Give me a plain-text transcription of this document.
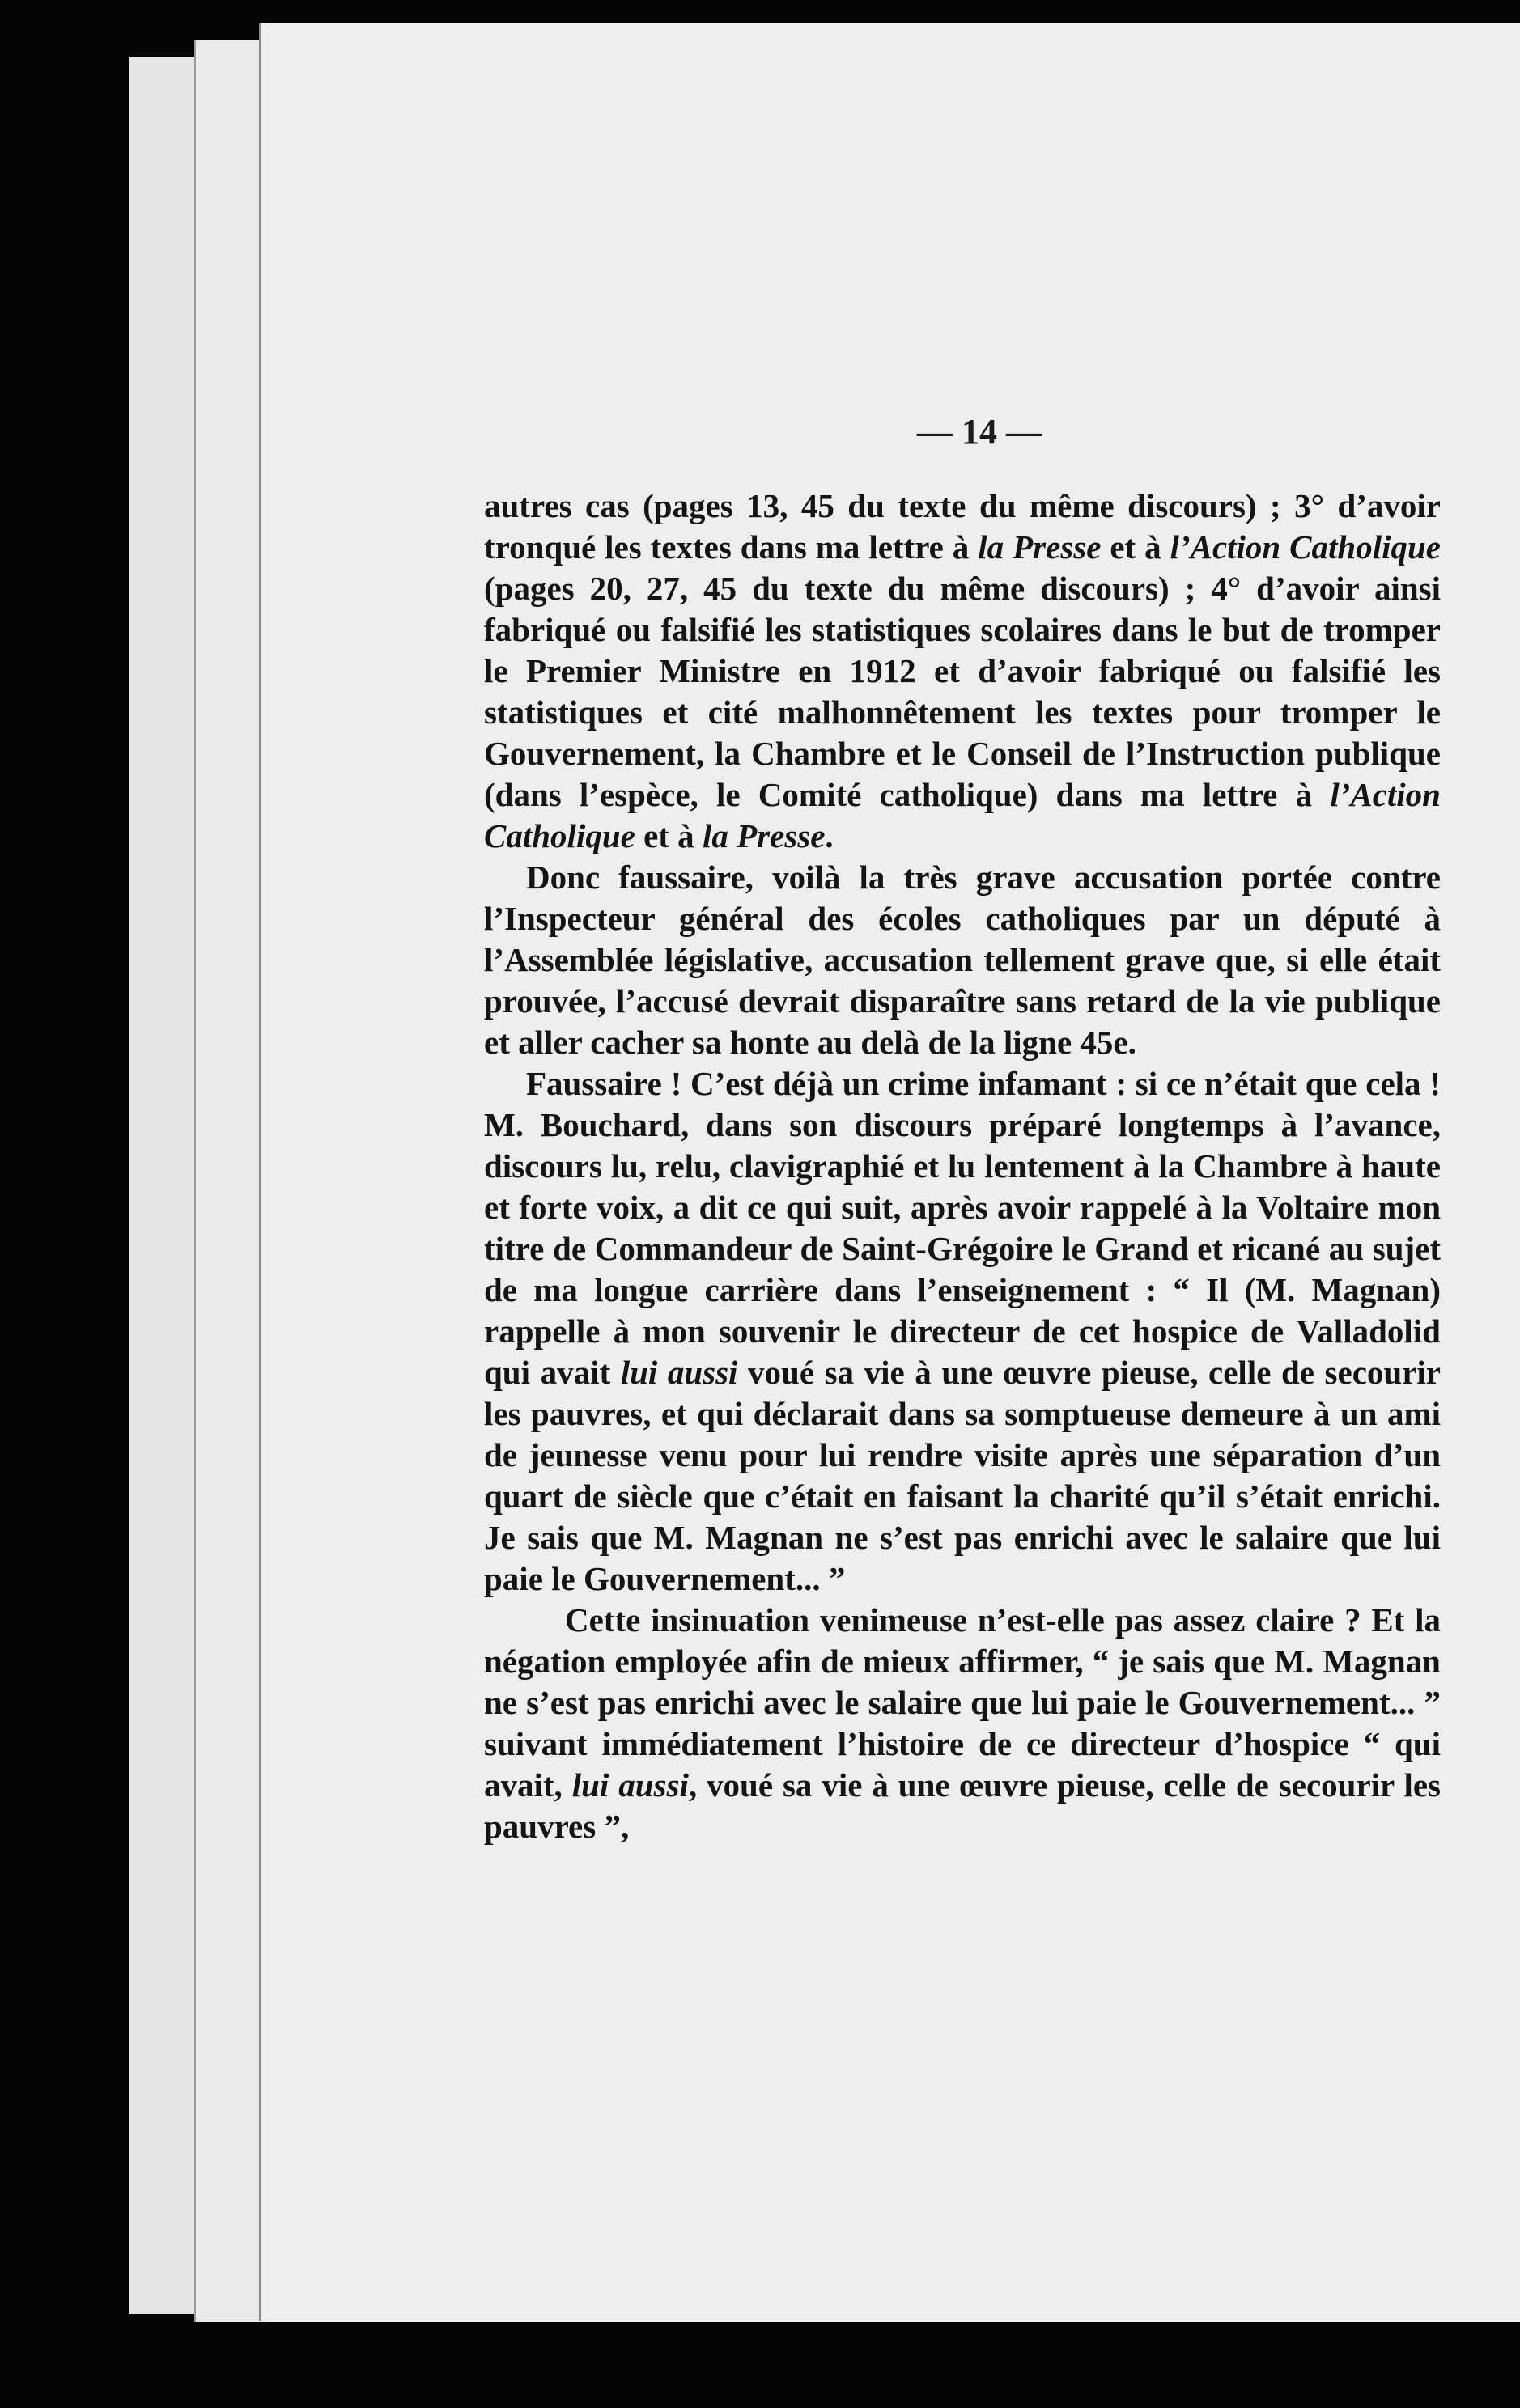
— 14 —

autres cas (pages 13, 45 du texte du même discours) ; 3° d’avoir tronqué les textes dans ma lettre à la Presse et à l’Action Catholique (pages 20, 27, 45 du texte du même discours) ; 4° d’avoir ainsi fabriqué ou falsifié les statistiques scolaires dans le but de tromper le Premier Ministre en 1912 et d’avoir fabriqué ou falsifié les statistiques et cité malhonnêtement les textes pour tromper le Gouvernement, la Chambre et le Conseil de l’Instruction publique (dans l’espèce, le Comité catholique) dans ma lettre à l’Action Catholique et à la Presse.

Donc faussaire, voilà la très grave accusation portée contre l’Inspecteur général des écoles catholiques par un député à l’Assemblée législative, accusation tellement grave que, si elle était prouvée, l’accusé devrait disparaître sans retard de la vie publique et aller cacher sa honte au delà de la ligne 45e.

Faussaire ! C’est déjà un crime infamant : si ce n’était que cela ! M. Bouchard, dans son discours préparé longtemps à l’avance, discours lu, relu, clavigraphié et lu lentement à la Chambre à haute et forte voix, a dit ce qui suit, après avoir rappelé à la Voltaire mon titre de Commandeur de Saint-Grégoire le Grand et ricané au sujet de ma longue carrière dans l’enseignement : “ Il (M. Magnan) rappelle à mon souvenir le directeur de cet hospice de Valladolid qui avait lui aussi voué sa vie à une œuvre pieuse, celle de secourir les pauvres, et qui déclarait dans sa somptueuse demeure à un ami de jeunesse venu pour lui rendre visite après une séparation d’un quart de siècle que c’était en faisant la charité qu’il s’était enrichi. Je sais que M. Magnan ne s’est pas enrichi avec le salaire que lui paie le Gouvernement... ”

Cette insinuation venimeuse n’est-elle pas assez claire ? Et la négation employée afin de mieux affirmer, “ je sais que M. Magnan ne s’est pas enrichi avec le salaire que lui paie le Gouvernement... ” suivant immédiatement l’histoire de ce directeur d’hospice “ qui avait, lui aussi, voué sa vie à une œuvre pieuse, celle de secourir les pauvres ”,
